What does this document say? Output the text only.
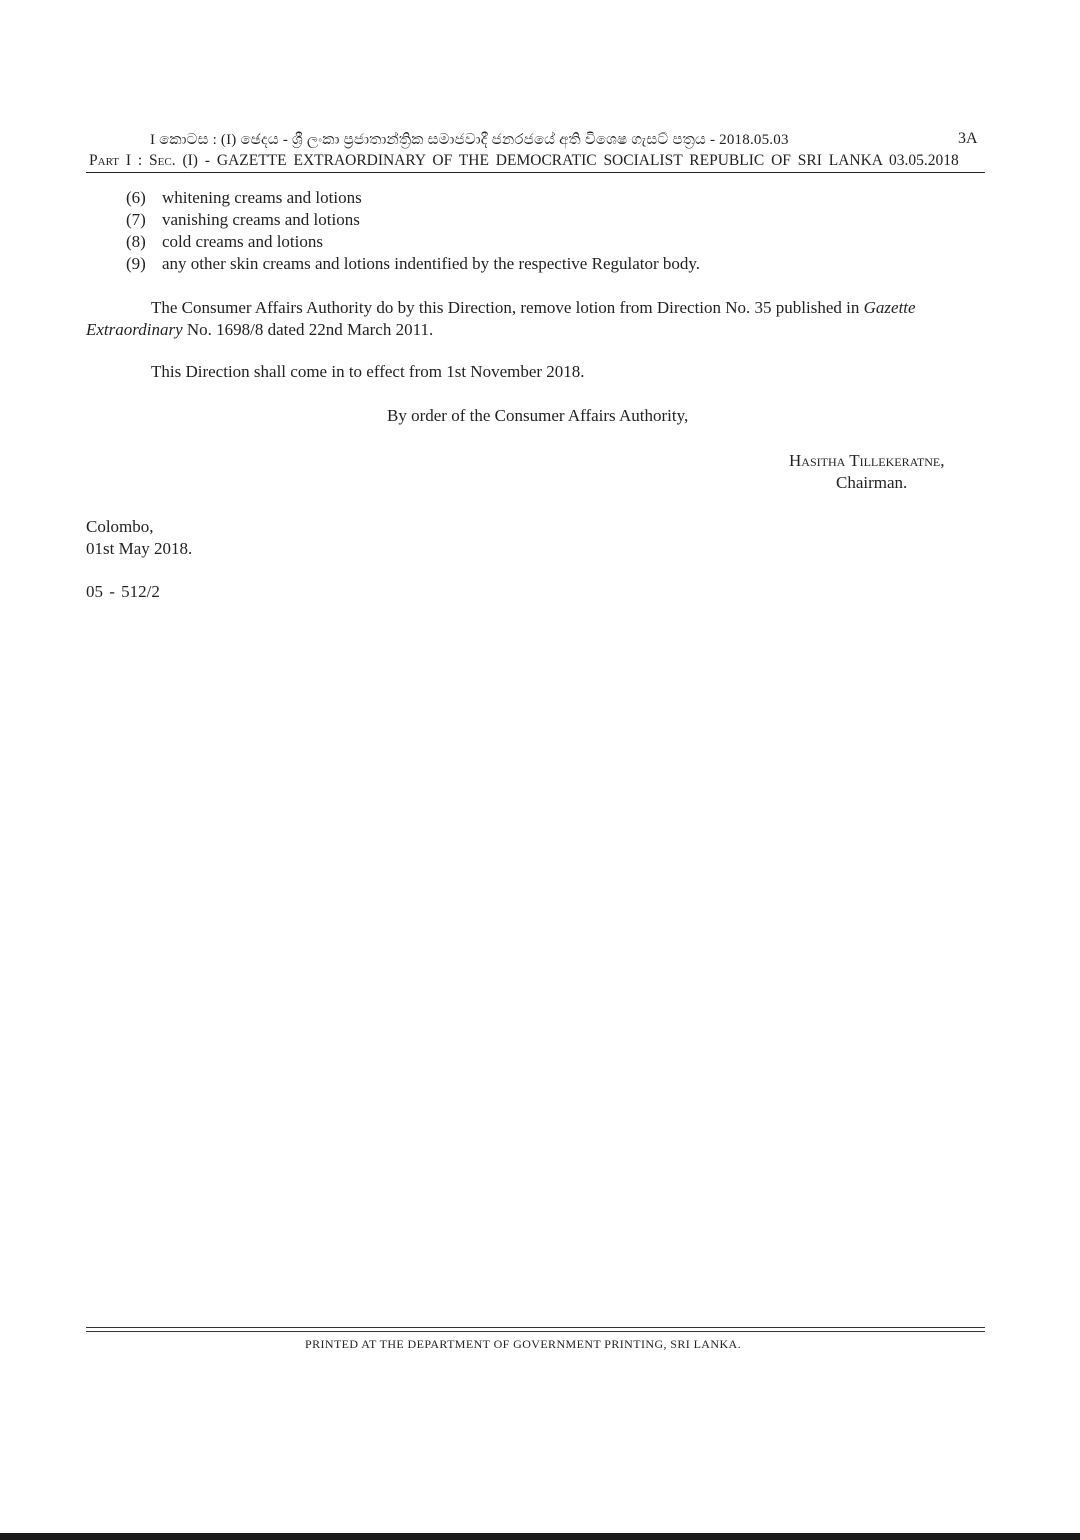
I කොටස : (I) ඡෙදය - ශ්‍රී ලංකා ප්‍රජාතාන්ත්‍රික සමාජවාදී ජනරජයේ අති විශෙෂ ගැසට් පත්‍රය - 2018.05.03	3A
Part I : Sec. (I) - GAZETTE EXTRAORDINARY OF THE DEMOCRATIC SOCIALIST REPUBLIC OF SRI LANKA 03.05.2018
(6) whitening creams and lotions
(7) vanishing creams and lotions
(8) cold creams and lotions
(9) any other skin creams and lotions indentified by the respective Regulator body.
The Consumer Affairs Authority do by this Direction, remove lotion from Direction No. 35 published in Gazette
Extraordinary No. 1698/8 dated 22nd March 2011.
This Direction shall come in to effect from 1st November 2018.
By order of the Consumer Affairs Authority,
Hasitha Tillekeratne,
Chairman.
Colombo,
01st May 2018.
05 - 512/2
PRINTED AT THE DEPARTMENT OF GOVERNMENT PRINTING, SRI LANKA.
